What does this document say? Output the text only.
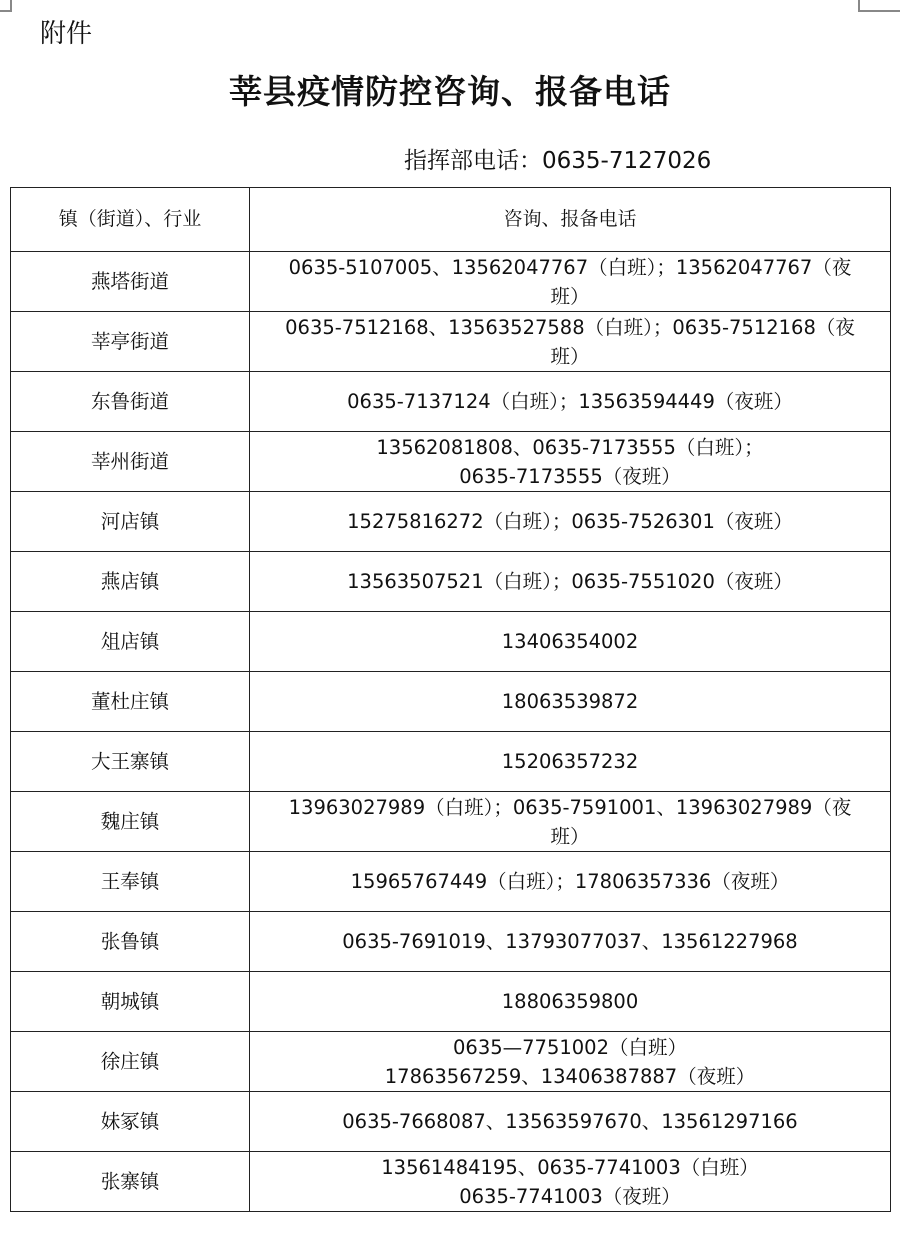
附件
莘县疫情防控咨询、报备电话
指挥部电话：0635-7127026
镇（街道）、行业	咨询、报备电话
燕塔街道	0635-5107005、13562047767（白班）；13562047767（夜
班）
莘亭街道	0635-7512168、13563527588（白班）；0635-7512168（夜
班）
东鲁街道	0635-7137124（白班）；13563594449（夜班）
莘州街道	13562081808、0635-7173555（白班）；
0635-7173555（夜班）
河店镇	15275816272（白班）；0635-7526301（夜班）
燕店镇	13563507521（白班）；0635-7551020（夜班）
俎店镇	13406354002
董杜庄镇	18063539872
大王寨镇	15206357232
魏庄镇	13963027989（白班）；0635-7591001、13963027989（夜
班）
王奉镇	15965767449（白班）；17806357336（夜班）
张鲁镇	0635-7691019、13793077037、13561227968
朝城镇	18806359800
徐庄镇	0635—7751002（白班）
17863567259、13406387887（夜班）
妹冢镇	0635-7668087、13563597670、13561297166
张寨镇	13561484195、0635-7741003（白班）
0635-7741003（夜班）
